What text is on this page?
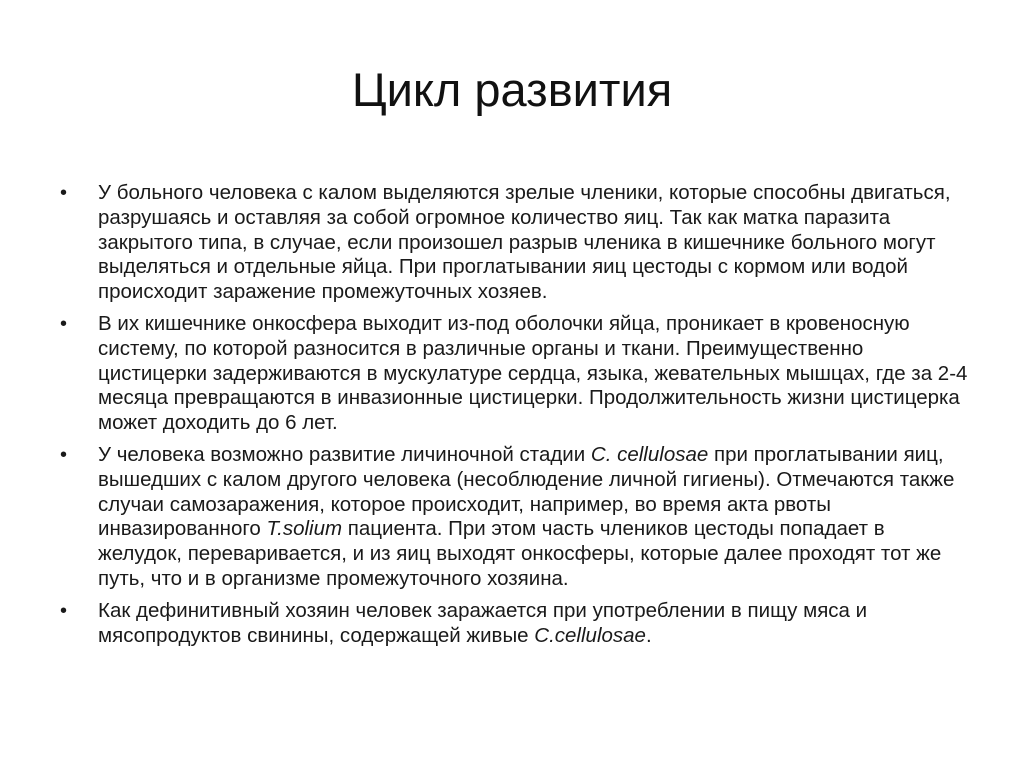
Цикл развития
• У больного человека с калом выделяются зрелые членики, которые способны двигаться, разрушаясь и оставляя за собой огромное количество яиц. Так как матка паразита закрытого типа, в случае, если произошел разрыв членика в кишечнике больного могут выделяться и отдельные яйца. При проглатывании яиц цестоды с кормом или водой происходит заражение промежуточных хозяев.
• В их кишечнике онкосфера выходит из-под оболочки яйца, проникает в кровеносную систему, по которой разносится в различные органы и ткани. Преимущественно цистицерки задерживаются в мускулатуре сердца, языка, жевательных мышцах, где за 2-4 месяца превращаются в инвазионные цистицерки. Продолжительность жизни цистицерка может доходить до 6 лет.
• У человека возможно развитие личиночной стадии C. cellulosae при проглатывании яиц, вышедших с калом другого человека (несоблюдение личной гигиены). Отмечаются также случаи самозаражения, которое происходит, например, во время акта рвоты инвазированного T.solium пациента. При этом часть члеников цестоды попадает в желудок, переваривается, и из яиц выходят онкосферы, которые далее проходят тот же путь, что и в организме промежуточного хозяина.
• Как дефинитивный хозяин человек заражается при употреблении в пищу мяса и мясопродуктов свинины, содержащей живые C.cellulosae.
